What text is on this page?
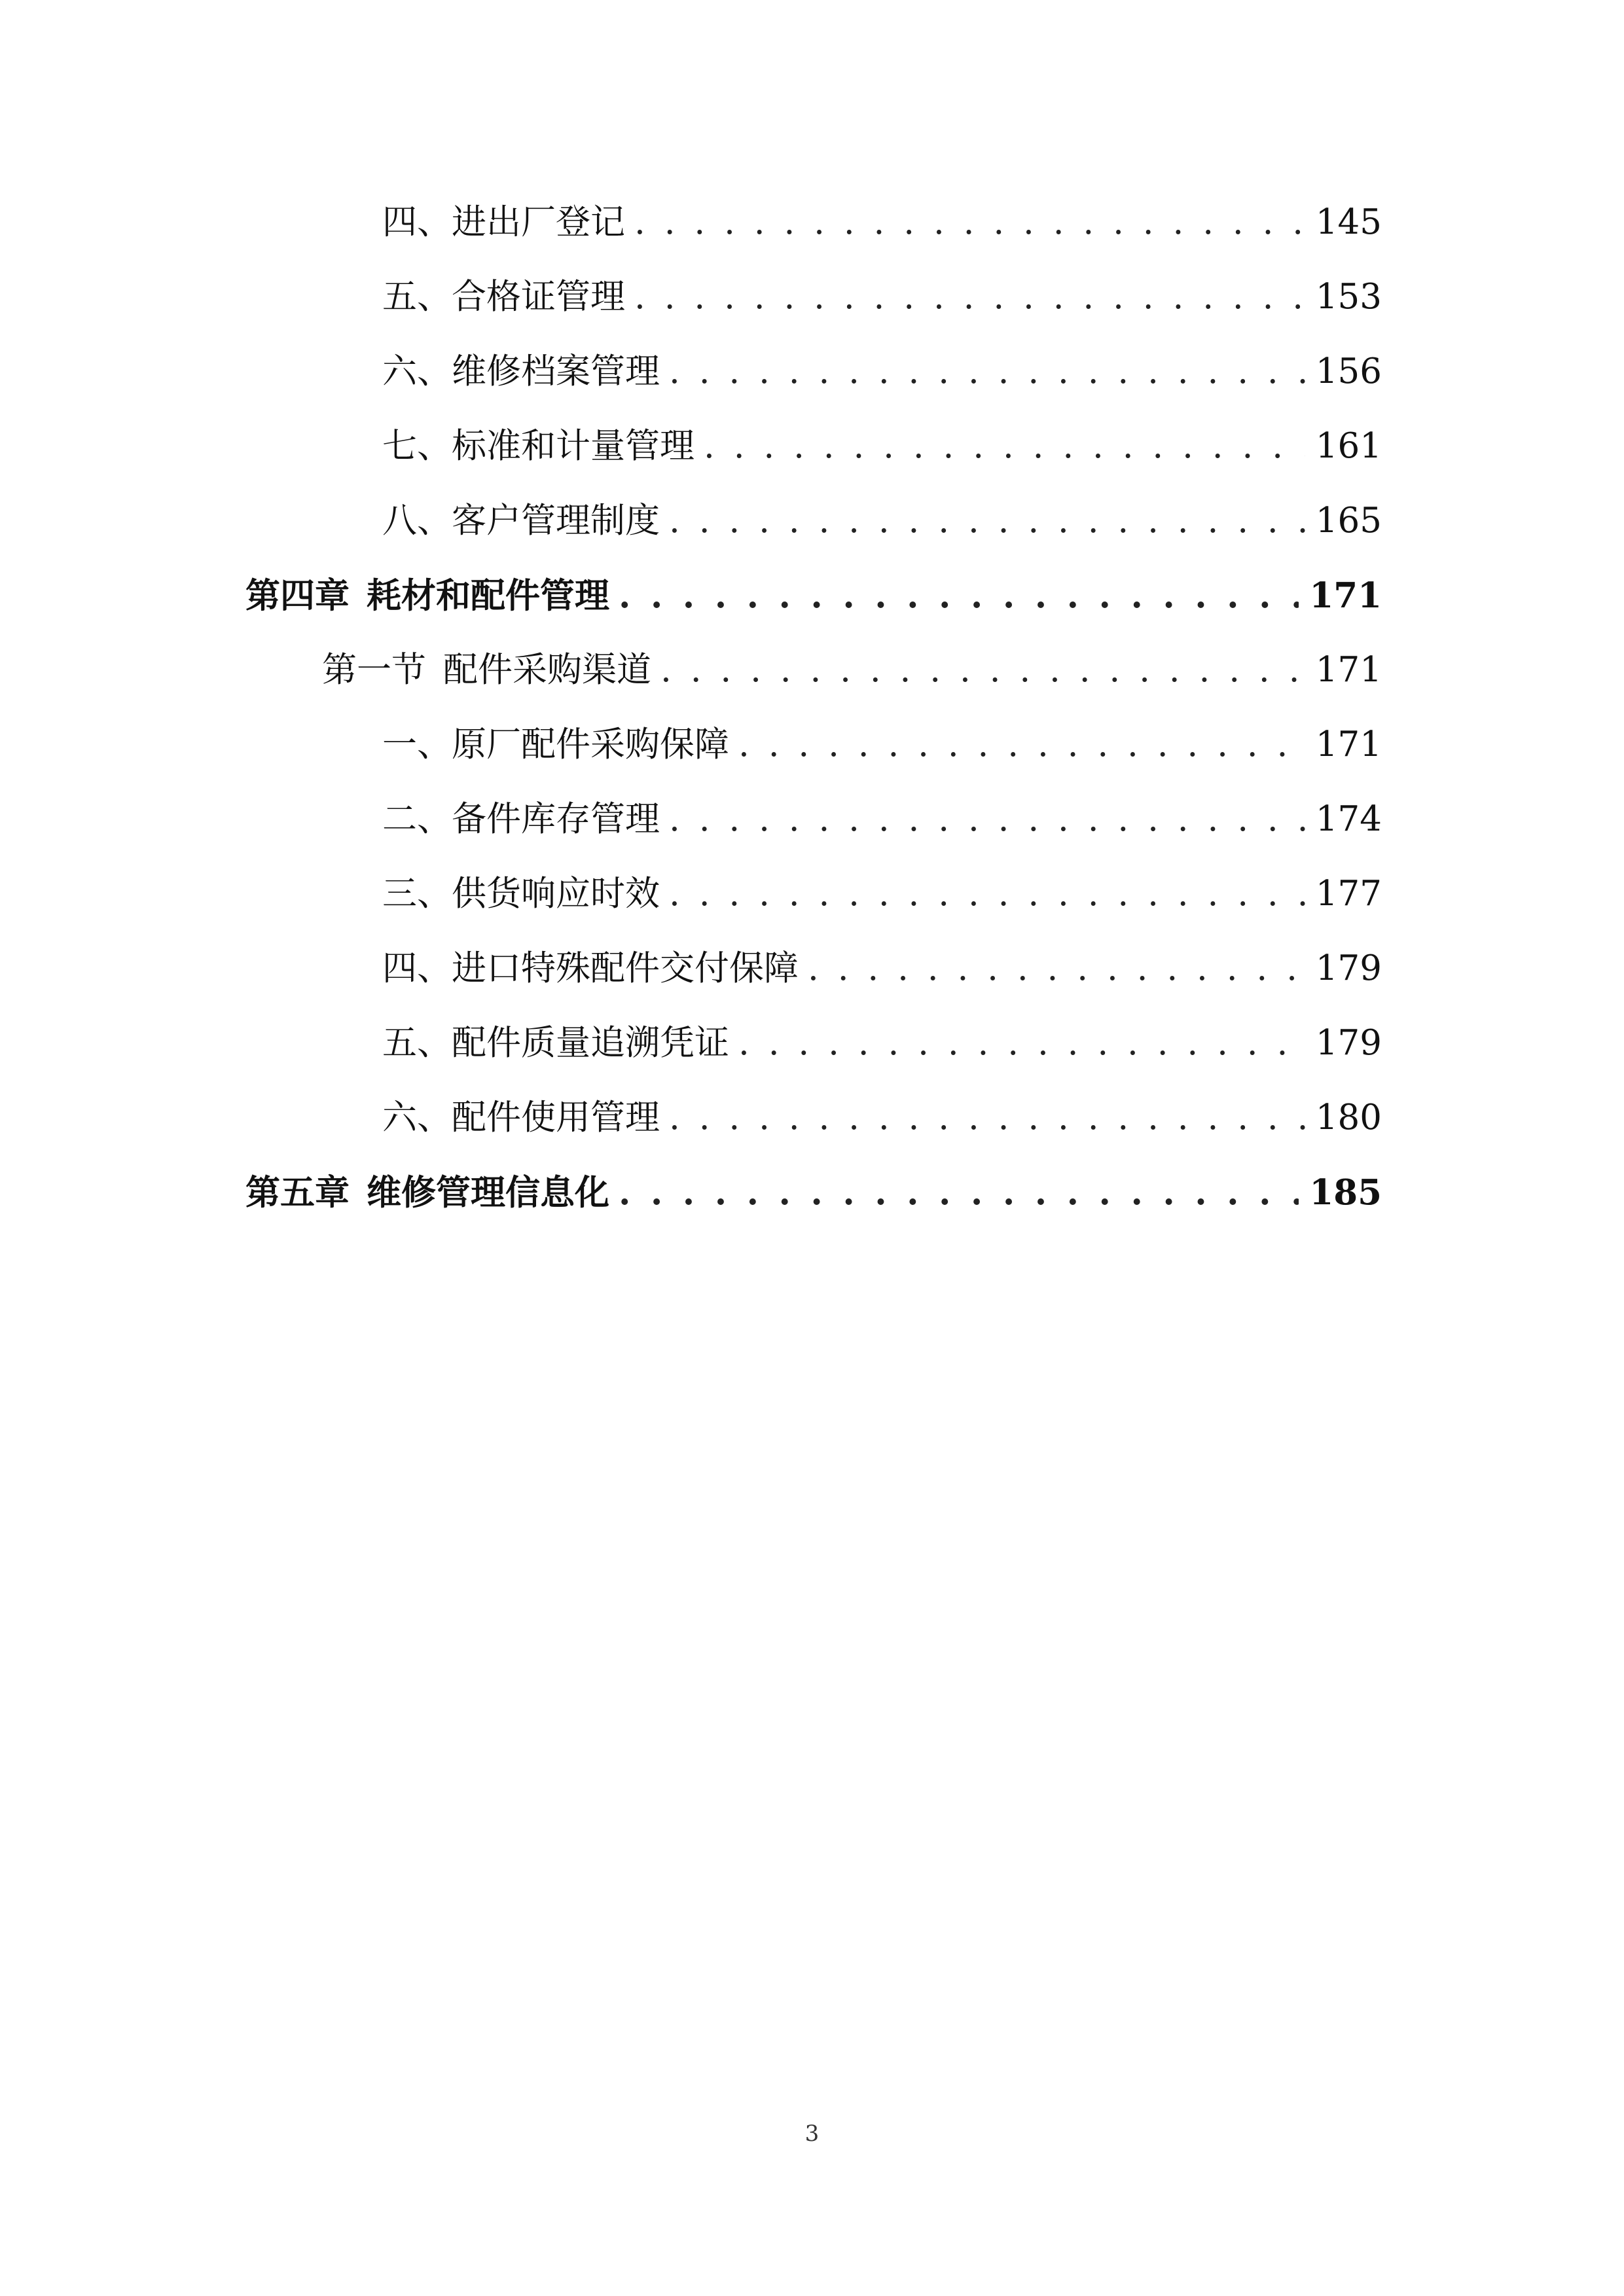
四、 进出厂登记 . . .	145
五、 合格证管理 . . .	153
六、 维修档案管理 . . .	156
七、 标准和计量管理 . . .	161
八、 客户管理制度 . . .	165
第四章 耗材和配件管理 . . .	171
第一节 配件采购渠道 . . .	171
一、 原厂配件采购保障 . . .	171
二、 备件库存管理 . . .	174
三、 供货响应时效 . . .	177
四、 进口特殊配件交付保障 . . .	179
五、 配件质量追溯凭证 . . .	179
六、 配件使用管理 . . .	180
第五章 维修管理信息化 . . .	185
3
